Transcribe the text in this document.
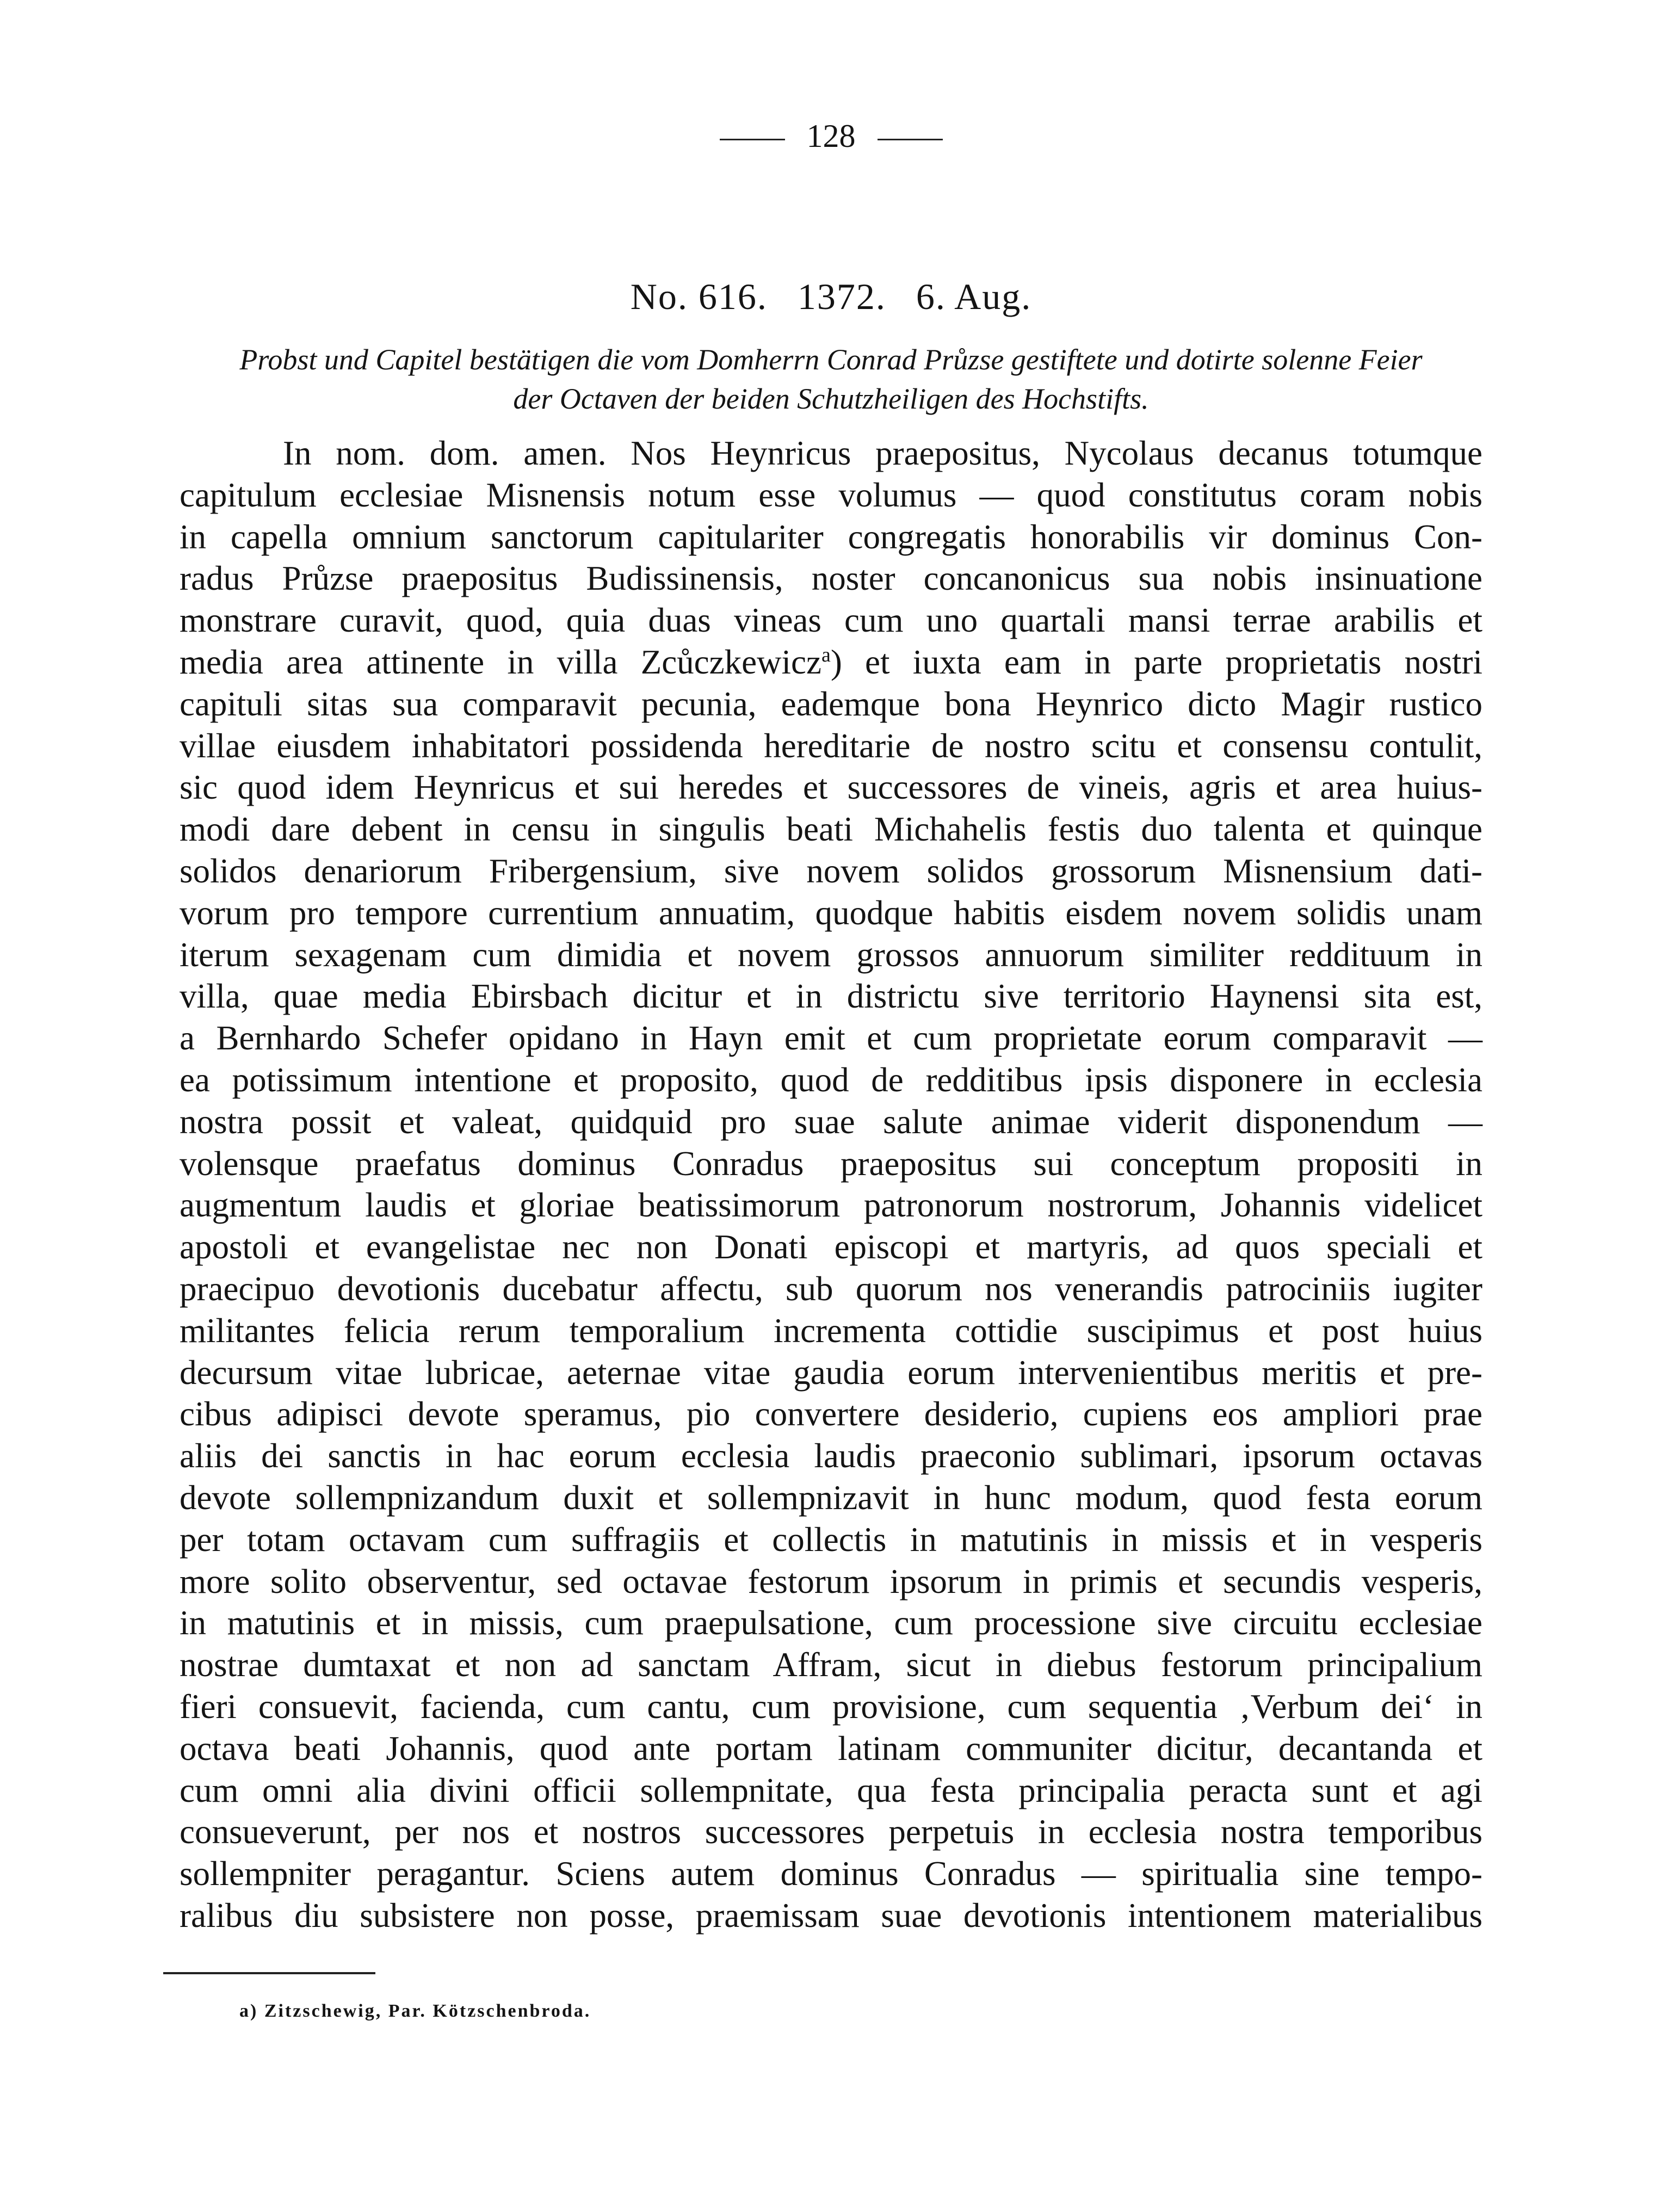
128
No. 616. 1372. 6. Aug.
Probst und Capitel bestätigen die vom Domherrn Conrad Průzse gestiftete und dotirte solenne Feier
der Octaven der beiden Schutzheiligen des Hochstifts.
In nom. dom. amen. Nos Heynricus praepositus, Nycolaus decanus totumque
capitulum ecclesiae Misnensis notum esse volumus — quod constitutus coram nobis
in capella omnium sanctorum capitulariter congregatis honorabilis vir dominus Con-
radus Průzse praepositus Budissinensis, noster concanonicus sua nobis insinuatione
monstrare curavit, quod, quia duas vineas cum uno quartali mansi terrae arabilis et
media area attinente in villa Zcůczkewicz$^a$) et iuxta eam in parte proprietatis nostri
capituli sitas sua comparavit pecunia, eademque bona Heynrico dicto Magir rustico
villae eiusdem inhabitatori possidenda hereditarie de nostro scitu et consensu contulit,
sic quod idem Heynricus et sui heredes et successores de vineis, agris et area huius-
modi dare debent in censu in singulis beati Michahelis festis duo talenta et quinque
solidos denariorum Fribergensium, sive novem solidos grossorum Misnensium dati-
vorum pro tempore currentium annuatim, quodque habitis eisdem novem solidis unam
iterum sexagenam cum dimidia et novem grossos annuorum similiter reddituum in
villa, quae media Ebirsbach dicitur et in districtu sive territorio Haynensi sita est,
a Bernhardo Schefer opidano in Hayn emit et cum proprietate eorum comparavit —
ea potissimum intentione et proposito, quod de redditibus ipsis disponere in ecclesia
nostra possit et valeat, quidquid pro suae salute animae viderit disponendum —
volensque praefatus dominus Conradus praepositus sui conceptum propositi in
augmentum laudis et gloriae beatissimorum patronorum nostrorum, Johannis videlicet
apostoli et evangelistae nec non Donati episcopi et martyris, ad quos speciali et
praecipuo devotionis ducebatur affectu, sub quorum nos venerandis patrociniis iugiter
militantes felicia rerum temporalium incrementa cottidie suscipimus et post huius
decursum vitae lubricae, aeternae vitae gaudia eorum intervenientibus meritis et pre-
cibus adipisci devote speramus, pio convertere desiderio, cupiens eos ampliori prae
aliis dei sanctis in hac eorum ecclesia laudis praeconio sublimari, ipsorum octavas
devote sollempnizandum duxit et sollempnizavit in hunc modum, quod festa eorum
per totam octavam cum suffragiis et collectis in matutinis in missis et in vesperis
more solito observentur, sed octavae festorum ipsorum in primis et secundis vesperis,
in matutinis et in missis, cum praepulsatione, cum processione sive circuitu ecclesiae
nostrae dumtaxat et non ad sanctam Affram, sicut in diebus festorum principalium
fieri consuevit, facienda, cum cantu, cum provisione, cum sequentia ‚Verbum dei‘ in
octava beati Johannis, quod ante portam latinam communiter dicitur, decantanda et
cum omni alia divini officii sollempnitate, qua festa principalia peracta sunt et agi
consueverunt, per nos et nostros successores perpetuis in ecclesia nostra temporibus
sollempniter peragantur. Sciens autem dominus Conradus — spiritualia sine tempo-
ralibus diu subsistere non posse, praemissam suae devotionis intentionem materialibus
a) Zitzschewig, Par. Kötzschenbroda.
